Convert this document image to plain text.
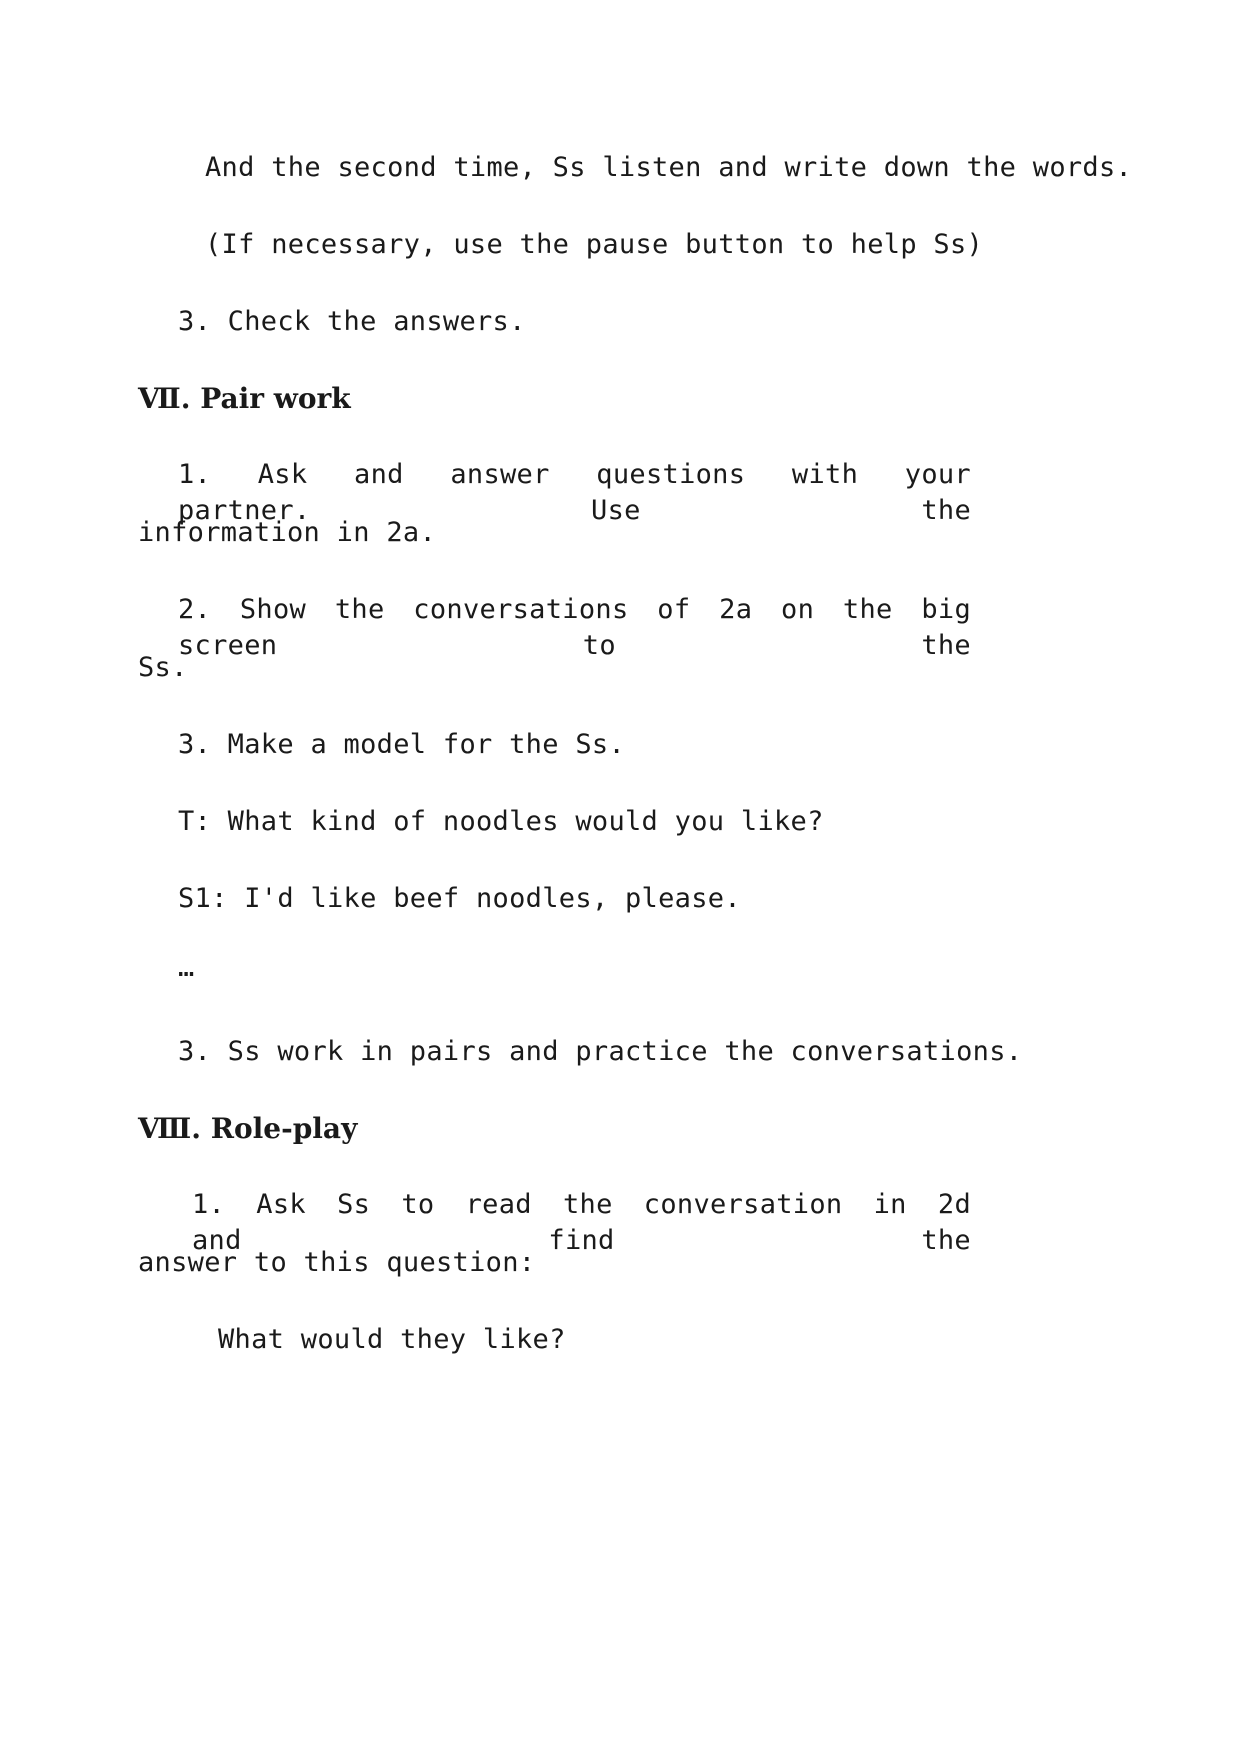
And the second time, Ss listen and write down the words.
(If necessary, use the pause button to help Ss)
3. Check the answers.
Ⅶ. Pair work
1. Ask and answer questions with your partner. Use the
information in 2a.
2. Show the conversations of 2a on the big screen to the
Ss.
3. Make a model for the Ss.
T: What kind of noodles would you like?
S1: I'd like beef noodles, please.
…
3. Ss work in pairs and practice the conversations.
Ⅷ. Role-play
1. Ask Ss to read the conversation in 2d and find the
answer to this question:
What would they like?
